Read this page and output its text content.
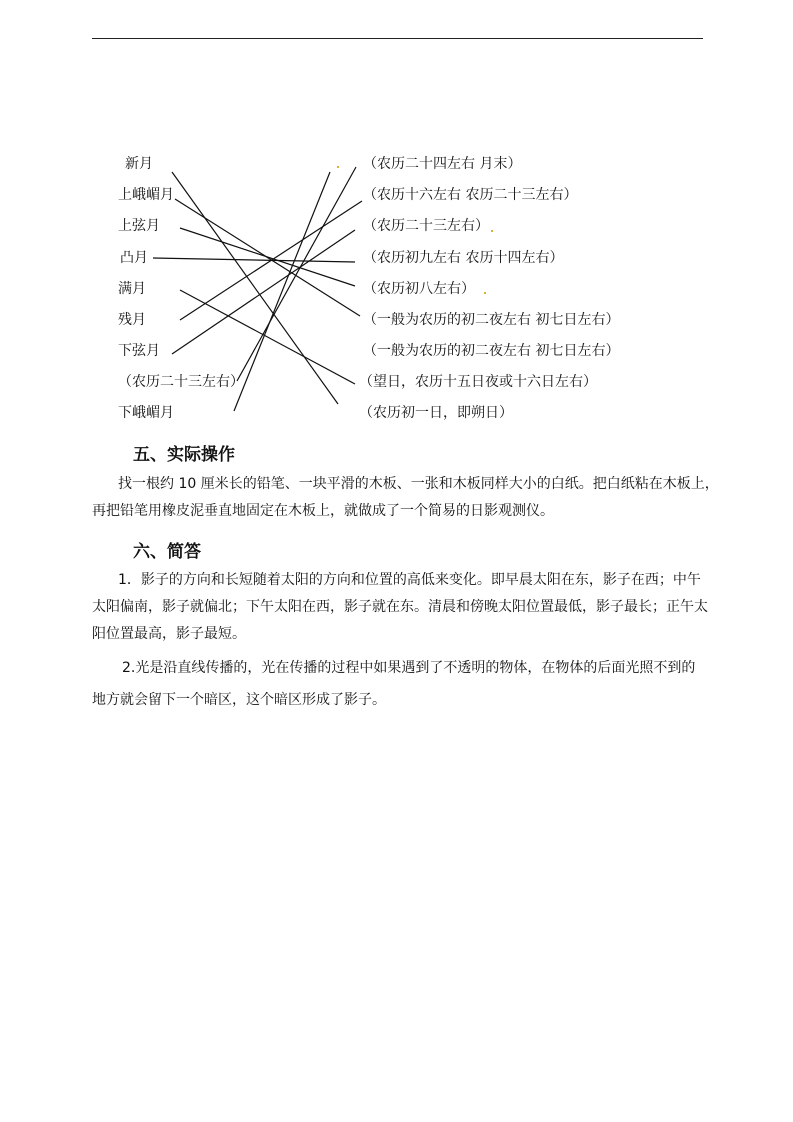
新月
上峨嵋月
上弦月
凸月
满月
残月
下弦月
（农历二十三左右）
下峨嵋月
（农历二十四左右 月末）
（农历十六左右 农历二十三左右）
（农历二十三左右）
（农历初九左右 农历十四左右）
（农历初八左右）
（一般为农历的初二夜左右 初七日左右）
（一般为农历的初二夜左右 初七日左右）
（望日，农历十五日夜或十六日左右）
（农历初一日，即朔日）
五、实际操作
找一根约 10 厘米长的铅笔、一块平滑的木板、一张和木板同样大小的白纸。把白纸粘在木板上，
再把铅笔用橡皮泥垂直地固定在木板上，就做成了一个简易的日影观测仪。
六、简答
1．影子的方向和长短随着太阳的方向和位置的高低来变化。即早晨太阳在东，影子在西；中午
太阳偏南，影子就偏北；下午太阳在西，影子就在东。清晨和傍晚太阳位置最低，影子最长；正午太
阳位置最高，影子最短。
2.光是沿直线传播的，光在传播的过程中如果遇到了不透明的物体，在物体的后面光照不到的
地方就会留下一个暗区，这个暗区形成了影子。
